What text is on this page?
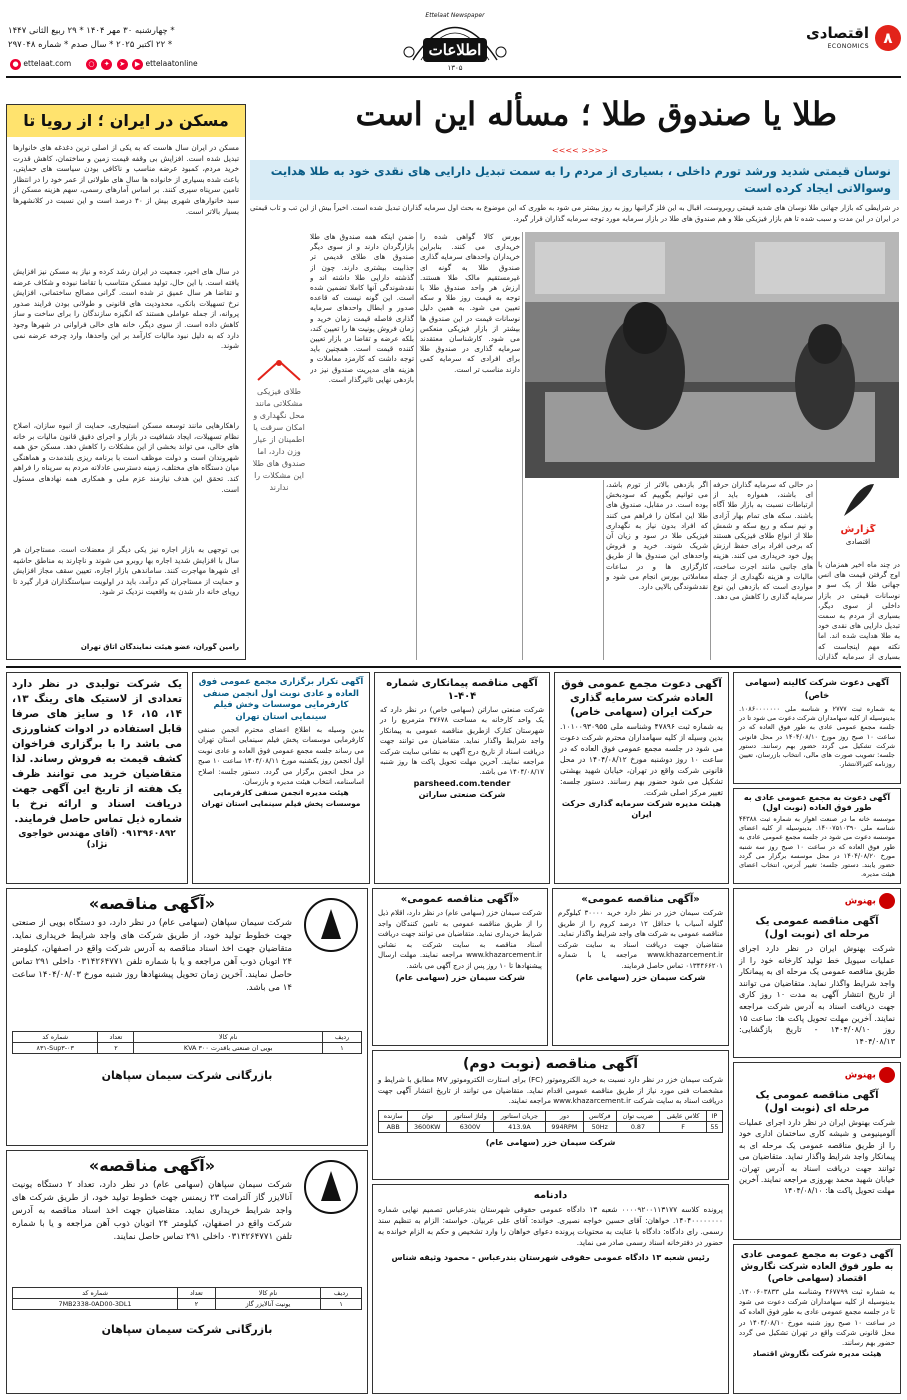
۸
اقتصادی
ECONOMICS
Ettelaat Newspaper
اطلاعات
۱۳۰۵
* چهارشنبه ۳۰ مهر ۱۴۰۴ * ۲۹ ربیع الثانی ۱۴۴۷
* ۲۲ اکتبر ۲۰۲۵ * سال صدم * شماره ۲۹۷۰۴۸
● ettelaat.com ○ ✦ ➤ ▶ ettelaatonline
طلا یا صندوق طلا ؛ مسأله این است
<<<< >>>>
نوسان قیمتی شدید ورشد تورم داخلی ، بسیاری از مردم را به سمت تبدیل دارایی های نقدی خود به طلا هدایت وسوالاتی ایجاد کرده است
در شرایطی که بازار جهانی طلا نوسان های شدید قیمتی روبروست، اقبال به این فلز گرانبها روز به روز بیشتر می شود به طوری که این موضوع به بحث اول سرمایه گذاران تبدیل شده است. اخیراً بیش از این تب و تاب قیمتی در ایران در این مدت و سبب شده تا هم بازار فیزیکی طلا و هم صندوق های طلا در بازار سرمایه مورد توجه سرمایه گذاران قرار گیرد.
گزارش
اقتصادی
در چند ماه اخیر همزمان با اوج گرفتن قیمت های انس جهانی طلا از یک سو و نوسانات قیمتی در بازار داخلی از سوی دیگر، بسیاری از مردم به سمت تبدیل دارایی های نقدی خود به طلا هدایت شده اند. اما نکته مهم اینجاست که بسیاری از سرمایه گذاران
در حالی که سرمایه گذاران حرفه ای باشند، همواره باید از ارتباطات نسبت به بازار طلا آگاه باشند. سکه های تمام بهار آزادی و نیم سکه و ربع سکه و شمش طلا از انواع طلای فیزیکی هستند که برخی افراد برای حفظ ارزش پول خود خریداری می کنند. هزینه های جانبی مانند اجرت ساخت، مالیات و هزینه نگهداری از جمله مواردی است که بازدهی این نوع سرمایه گذاری را کاهش می دهد.
اگر بازدهی بالاتر از تورم باشد، می توانیم بگوییم که سودبخش بوده است. در مقابل، صندوق های طلا این امکان را فراهم می کنند که افراد بدون نیاز به نگهداری فیزیکی طلا در سود و زیان آن شریک شوند. خرید و فروش واحدهای این صندوق ها از طریق کارگزاری ها و در ساعات معاملاتی بورس انجام می شود و نقدشوندگی بالایی دارد.
بورس کالا گواهی شده را خریداری می کنند. بنابراین خریداران واحدهای سرمایه گذاری صندوق طلا به گونه ای غیرمستقیم مالک طلا هستند. ارزش هر واحد صندوق طلا با توجه به قیمت روز طلا و سکه تعیین می شود. به همین دلیل نوسانات قیمت در این صندوق ها بیشتر از بازار فیزیکی منعکس می شود. کارشناسان معتقدند سرمایه گذاری در صندوق طلا برای افرادی که سرمایه کمی دارند مناسب تر است.
ضمن اینکه همه صندوق های طلا بازارگردان دارند و از سوی دیگر صندوق های طلای قدیمی تر جذابیت بیشتری دارند. چون از گذشته دارایی طلا داشته اند و نقدشوندگی آنها کاملا تضمین شده است. این گونه نیست که قاعده صدور و ابطال واحدهای سرمایه گذاری فاصله قیمت زمان خرید و زمان فروش یونیت ها را تعیین کند، بلکه عرضه و تقاضا در بازار تعیین کننده قیمت است. همچنین باید توجه داشت که کارمزد معاملات و هزینه های مدیریت صندوق نیز در بازدهی نهایی تاثیرگذار است.
طلای فیزیکی مشکلاتی مانند محل نگهداری و امکان سرقت یا اطمینان از عیار وزن دارد، اما صندوق های طلا این مشکلات را ندارند
مسکن در ایران ؛ از رویا تا
مسکن در ایران سال هاست که به یکی از اصلی ترین دغدغه های خانوارها تبدیل شده است. افزایش بی وقفه قیمت زمین و ساختمان، کاهش قدرت خرید مردم، کمبود عرضه مناسب و ناکافی بودن سیاست های حمایتی، باعث شده بسیاری از خانواده ها سال های طولانی از عمر خود را در انتظار تامین سرپناه سپری کنند. بر اساس آمارهای رسمی، سهم هزینه مسکن از سبد خانوارهای شهری بیش از ۴۰ درصد است و این نسبت در کلانشهرها بسیار بالاتر است.
در سال های اخیر، جمعیت در ایران رشد کرده و نیاز به مسکن نیز افزایش یافته است. با این حال، تولید مسکن متناسب با تقاضا نبوده و شکاف عرضه و تقاضا هر سال عمیق تر شده است. گرانی مصالح ساختمانی، افزایش نرخ تسهیلات بانکی، محدودیت های قانونی و طولانی بودن فرایند صدور پروانه، از جمله عواملی هستند که انگیزه سازندگان را برای ساخت و ساز کاهش داده است. از سوی دیگر، خانه های خالی فراوانی در شهرها وجود دارد که به دلیل نبود مالیات کارآمد بر این واحدها، وارد چرخه عرضه نمی شوند.
راهکارهایی مانند توسعه مسکن استیجاری، حمایت از انبوه سازان، اصلاح نظام تسهیلات، ایجاد شفافیت در بازار و اجرای دقیق قانون مالیات بر خانه های خالی، می تواند بخشی از این مشکلات را کاهش دهد. مسکن حق همه شهروندان است و دولت موظف است با برنامه ریزی بلندمدت و هماهنگی میان دستگاه های مختلف، زمینه دسترسی عادلانه مردم به سرپناه را فراهم کند. تحقق این هدف نیازمند عزم ملی و همکاری همه نهادهای مسئول است.
بی توجهی به بازار اجاره نیز یکی دیگر از معضلات است. مستاجران هر سال با افزایش شدید اجاره بها روبرو می شوند و ناچارند به مناطق حاشیه ای شهرها مهاجرت کنند. ساماندهی بازار اجاره، تعیین سقف مجاز افزایش و حمایت از مستاجران کم درآمد، باید در اولویت سیاستگذاران قرار گیرد تا رویای خانه دار شدن به واقعیت نزدیک تر شود.
رامین گوران، عضو هیئت نمایندگان اتاق تهران
آگهی دعوت شرکت کالینه (سهامی خاص)
به شماره ثبت ۲۷۷۷ و شناسه ملی ۱۰۸۶۰۰۰۰۰۰۰. بدینوسیله از کلیه سهامداران شرکت دعوت می شود تا در جلسه مجمع عمومی عادی به طور فوق العاده که در ساعت ۱۰ صبح روز مورخ ۱۴۰۴/۰۸/۱۰ در محل قانونی شرکت تشکیل می گردد حضور بهم رسانند. دستور جلسه: تصویب صورت های مالی، انتخاب بازرسان، تعیین روزنامه کثیرالانتشار.
آگهی دعوت به مجمع عمومی عادی به طور فوق العاده (نوبت اول)
موسسه خانه ما در صنعت اهواز به شماره ثبت ۴۴۳۸۸ شناسه ملی ۱۴۰۰۷۵۱۰۳۹۰. بدینوسیله از کلیه اعضای موسسه دعوت می شود در جلسه مجمع عمومی عادی به طور فوق العاده که در ساعت ۱۰ صبح روز سه شنبه مورخ ۱۴۰۴/۰۸/۲۰ در محل موسسه برگزار می گردد حضور یابند. دستور جلسه: تغییر آدرس، انتخاب اعضای هیئت مدیره.
آگهی دعوت مجمع عمومی فوق العاده شرکت سرمایه گذاری حرکت ایران (سهامی خاص)
به شماره ثبت ۴۷۸۹۶ وشناسه ملی ۱۰۱۰۰۹۳۰۹۵۵. بدین وسیله از کلیه سهامداران محترم شرکت دعوت می شود در جلسه مجمع عمومی فوق العاده که در ساعت ۱۰ روز دوشنبه مورخ ۱۴۰۴/۰۸/۱۲ در محل قانونی شرکت واقع در تهران، خیابان شهید بهشتی تشکیل می شود حضور بهم رسانند. دستور جلسه: تغییر مرکز اصلی شرکت.
هیئت مدیره شرکت سرمایه گذاری حرکت ایران
آگهی مناقصه پیمانکاری شماره ۴۰۴-۱
شرکت صنعتی ساراتن (سهامی خاص) در نظر دارد که یک واحد کارخانه به مساحت ۳۷۶۷۸ مترمربع را در شهرستان کنارک ازطریق مناقصه عمومی به پیمانکار واجد شرایط واگذار نماید. متقاضیان می توانند جهت دریافت اسناد از تاریخ درج آگهی به نشانی سایت شرکت مراجعه نمایند. آخرین مهلت تحویل پاکت ها روز شنبه ۱۴۰۴/۰۸/۱۷ می باشد.
parsheed.com.tender
شرکت صنعتی ساراتن
آگهی تکرار برگزاری مجمع عمومی فوق العاده و عادی نوبت اول انجمن صنفی کارفرمایی موسسات وخش فیلم سینمایی استان تهران
بدین وسیله به اطلاع اعضای محترم انجمن صنفی کارفرمایی موسسات پخش فیلم سینمایی استان تهران می رساند جلسه مجمع عمومی فوق العاده و عادی نوبت اول انجمن روز یکشنبه مورخ ۱۴۰۴/۰۸/۱۱ ساعت ۱۰ صبح در محل انجمن برگزار می گردد. دستور جلسه: اصلاح اساسنامه، انتخاب هیئت مدیره و بازرسان.
هیئت مدیره انجمن صنفی کارفرمایی موسسات پخش فیلم سینمایی استان تهران
یک شرکت تولیدی در نظر دارد تعدادی از لاستیک های رینگ ۱۳، ۱۴، ۱۵، ۱۶ و سایز های صرفا قابل استفاده در ادوات کشاورزی می باشد را با برگزاری فراخوان کشف قیمت به فروش رساند. لذا متقاضیان خرید می توانند ظرف یک هفته از تاریخ این آگهی جهت دریافت اسناد و ارائه نرخ با شماره ذیل تماس حاصل فرمایند.
۰۹۱۳۹۶۰۸۹۲ (آقای مهندس خواجوی نژاد)
بهنوش
آگهی مناقصه عمومی یک مرحله ای (نوبت اول)
شرکت بهنوش ایران در نظر دارد اجرای عملیات سیویل خط تولید کارخانه خود را از طریق مناقصه عمومی یک مرحله ای به پیمانکار واجد شرایط واگذار نماید. متقاضیان می توانند از تاریخ انتشار آگهی به مدت ۱۰ روز کاری جهت دریافت اسناد به آدرس شرکت مراجعه نمایند. آخرین مهلت تحویل پاکت ها: ساعت ۱۵ روز ۱۴۰۴/۰۸/۱۰ - تاریخ بازگشایی: ۱۴۰۴/۰۸/۱۳
«آگهی مناقصه»
شرکت سیمان سپاهان (سهامی عام) در نظر دارد، دو دستگاه بویی از صنعتی جهت خطوط تولید خود، از طریق شرکت های واجد شرایط خریداری نماید. متقاضیان جهت اخذ اسناد مناقصه به آدرس شرکت واقع در اصفهان، کیلومتر ۲۴ اتوبان ذوب آهن مراجعه و یا با شماره تلفن ۰۳۱۴۲۶۴۷۷۱ داخلی ۲۹۱ تماس حاصل نمایند. آخرین زمان تحویل پیشنهادها روز شنبه مورخ ۱۴۰۴/۰۸/۰۳ ساعت ۱۴ می باشد.
ردیف	نام کالا	تعداد	شماره کد
۱	بویی ان صنعتی باقدرت ۳۰۰ KVA	۲	۸۳۱-Sup۳-۰۳
بازرگانی شرکت سیمان سپاهان
«آگهی مناقصه عمومی»
شرکت سیمان خزر (سهامی عام) در نظر دارد، اقلام ذیل را از طریق مناقصه عمومی به تامین کنندگان واجد شرایط خریداری نماید. متقاضیان می توانند جهت دریافت اسناد مناقصه به سایت شرکت به نشانی www.khazarcement.ir مراجعه نمایند. مهلت ارسال پیشنهادها تا ۱۰ روز پس از درج آگهی می باشد.
شرکت سیمان خزر (سهامی عام)
«آگهی مناقصه عمومی»
شرکت سیمان خزر در نظر دارد خرید ۳۰۰۰۰ کیلوگرم گلوله آسیاب با حداقل ۱۲ درصد کروم را از طریق مناقصه عمومی به شرکت های واجد شرایط واگذار نماید. متقاضیان جهت دریافت اسناد به سایت شرکت www.khazarcement.ir مراجعه یا با شماره ۰۱۳۴۴۶۶۲۰۱ تماس حاصل فرمایند.
شرکت سیمان خزر (سهامی عام)
بهنوش
آگهی مناقصه عمومی یک مرحله ای (نوبت اول)
شرکت بهنوش ایران در نظر دارد اجرای عملیات آلومینیومی و شیشه کاری ساختمان اداری خود را از طریق مناقصه عمومی یک مرحله ای به پیمانکار واجد شرایط واگذار نماید. متقاضیان می توانند جهت دریافت اسناد به آدرس تهران، خیابان شهید محمد بهروزی مراجعه نمایند. آخرین مهلت تحویل پاکت ها: ۱۴۰۴/۰۸/۱۰
آگهی مناقصه (نوبت دوم)
شرکت سیمان خزر در نظر دارد نسبت به خرید الکتروموتور (FC) برای استارت الکتروموتور MV مطابق با شرایط و مشخصات فنی مورد نیاز از طریق مناقصه عمومی اقدام نماید. متقاضیان می توانند از تاریخ انتشار آگهی جهت دریافت اسناد به سایت شرکت www.khazarcement.ir مراجعه نمایند.
سازنده	توان	ولتاژ استاتور	جریان استاتور	دور	فرکانس	ضریب توان	کلاس عایقی	IP
ABB	3600KW	6300V	413.9A	994RPM	50Hz	0.87	F	55
شرکت سیمان خزر (سهامی عام)
«آگهی مناقصه»
شرکت سیمان سپاهان (سهامی عام) در نظر دارد، تعداد ۲ دستگاه یونیت آنالایزر گاز آلترامت ۲۳ زیمنس جهت خطوط تولید خود، از طریق شرکت های واجد شرایط خریداری نماید. متقاضیان جهت اخذ اسناد مناقصه به آدرس شرکت واقع در اصفهان، کیلومتر ۲۴ اتوبان ذوب آهن مراجعه و یا با شماره تلفن ۰۳۱۴۲۶۴۷۷۱ داخلی ۲۹۱ تماس حاصل نمایند.
ردیف	نام کالا	تعداد	شماره کد
۱	یونیت آنالایزر گاز	۲	7MB2338-0AD00-3DL1
بازرگانی شرکت سیمان سپاهان
دادنامه
پرونده کلاسه ۰۰۰۰۹۲۰۰۱۱۳۱۷۷ شعبه ۱۳ دادگاه عمومی حقوقی شهرستان بندرعباس تصمیم نهایی شماره ۱۴۰۴۰۰۰۰۰۰۰۰. خواهان: آقای حسین خواجه نصیری. خوانده: آقای علی عربیان. خواسته: الزام به تنظیم سند رسمی. رای دادگاه: دادگاه با عنایت به محتویات پرونده دعوای خواهان را وارد تشخیص و حکم به الزام خوانده به حضور در دفترخانه اسناد رسمی صادر می نماید.
رئیس شعبه ۱۳ دادگاه عمومی حقوقی شهرستان بندرعباس - محمود وثیقه شناس	آگهی دعوت به مجمع عمومی عادی به طور فوق العاده شرکت نگاروش اقتصاد (سهامی خاص)
به شماره ثبت ۴۶۷۷۹۹ وشناسه ملی ۱۴۰۰۶۰۳۸۳۳. بدینوسیله از کلیه سهامداران شرکت دعوت می شود تا در جلسه مجمع عمومی عادی به طور فوق العاده که در ساعت ۱۰ صبح روز شنبه مورخ ۱۴۰۴/۰۸/۱۰ در محل قانونی شرکت واقع در تهران تشکیل می گردد حضور بهم رسانند.
هیئت مدیره شرکت نگاروش اقتصاد
